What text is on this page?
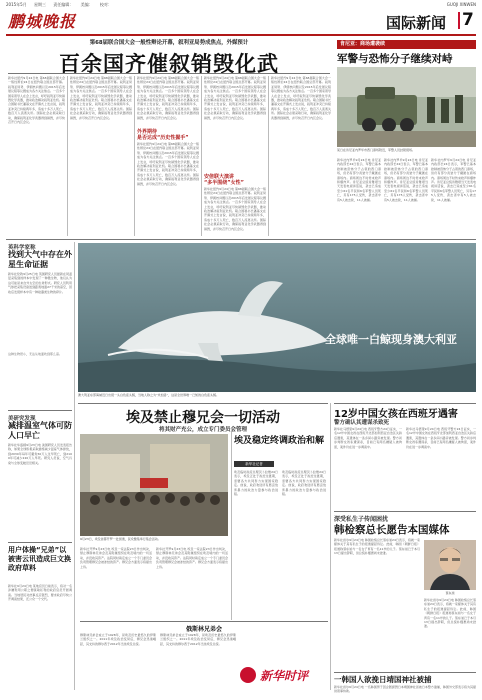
2015年5月 星期三 责任编辑： 美编： 校对：	GUOJI XINWEN
鹏城晚报	国际新闻 7
第68届联合国大会一般性辩论开幕，叙利亚局势成焦点，外媒预计
百余国齐催叙销毁化武
新华社纽约9月24日电 第68届联合国大会一般性辩论24日在纽约联合国总部开幕。叙利亚局势、伊朗核问题以及2015年后发展议程等议题成为各方关注焦点。一百多个国家领导人在会上发言，呼吁叙利亚尽快销毁化学武器，推动政治解决叙利亚危机。联合国秘书长潘基文在开幕式上发言说，叙利亚冲突已持续两年多，造成十多万人死亡，数百万人流离失所。国际社会必须采取行动，确保叙利亚化学武器得到销毁，并尽快召开日内瓦会议。
新华社纽约9月24日电 第68届联合国大会一般性辩论24日在纽约联合国总部开幕。叙利亚局势、伊朗核问题以及2015年后发展议程等议题成为各方关注焦点。一百多个国家领导人在会上发言，呼吁叙利亚尽快销毁化学武器，推动政治解决叙利亚危机。联合国秘书长潘基文在开幕式上发言说，叙利亚冲突已持续两年多，造成十多万人死亡，数百万人流离失所。国际社会必须采取行动，确保叙利亚化学武器得到销毁，并尽快召开日内瓦会议。
新华社纽约9月24日电 第68届联合国大会一般性辩论24日在纽约联合国总部开幕。叙利亚局势、伊朗核问题以及2015年后发展议程等议题成为各方关注焦点。一百多个国家领导人在会上发言，呼吁叙利亚尽快销毁化学武器，推动政治解决叙利亚危机。联合国秘书长潘基文在开幕式上发言说，叙利亚冲突已持续两年多，造成十多万人死亡，数百万人流离失所。国际社会必须采取行动，确保叙利亚化学武器得到销毁，并尽快召开日内瓦会议。
外界期待
是否达成“历史性握手”
新华社纽约9月24日电 第68届联合国大会一般性辩论24日在纽约联合国总部开幕。叙利亚局势、伊朗核问题以及2015年后发展议程等议题成为各方关注焦点。一百多个国家领导人在会上发言，呼吁叙利亚尽快销毁化学武器，推动政治解决叙利亚危机。联合国秘书长潘基文在开幕式上发言说，叙利亚冲突已持续两年多，造成十多万人死亡，数百万人流离失所。国际社会必须采取行动，确保叙利亚化学武器得到销毁，并尽快召开日内瓦会议。
新华社纽约9月24日电 第68届联合国大会一般性辩论24日在纽约联合国总部开幕。叙利亚局势、伊朗核问题以及2015年后发展议程等议题成为各方关注焦点。一百多个国家领导人在会上发言，呼吁叙利亚尽快销毁化学武器，推动政治解决叙利亚危机。联合国秘书长潘基文在开幕式上发言说，叙利亚冲突已持续两年多，造成十多万人死亡，数百万人流离失所。国际社会必须采取行动，确保叙利亚化学武器得到销毁，并尽快召开日内瓦会议。
安倍联大演讲
“多半围绕”女性”
新华社纽约9月24日电 第68届联合国大会一般性辩论24日在纽约联合国总部开幕。叙利亚局势、伊朗核问题以及2015年后发展议程等议题成为各方关注焦点。一百多个国家领导人在会上发言，呼吁叙利亚尽快销毁化学武器，推动政治解决叙利亚危机。联合国秘书长潘基文在开幕式上发言说，叙利亚冲突已持续两年多，造成十多万人死亡，数百万人流离失所。国际社会必须采取行动，确保叙利亚化学武器得到销毁，并尽快召开日内瓦会议。
新华社纽约9月24日电 第68届联合国大会一般性辩论24日在纽约联合国总部开幕。叙利亚局势、伊朗核问题以及2015年后发展议程等议题成为各方关注焦点。一百多个国家领导人在会上发言，呼吁叙利亚尽快销毁化学武器，推动政治解决叙利亚危机。联合国秘书长潘基文在开幕式上发言说，叙利亚冲突已持续两年多，造成十多万人死亡，数百万人流离失所。国际社会必须采取行动，确保叙利亚化学武器得到销毁，并尽快召开日内瓦会议。
肯尼亚：商场遭袭续
军警与恐怖分子继续对峙
某日在肯尼亚内罗毕市西门商场附近，军警人员封锁现场。
新华社内罗毕9月24日电 肯尼亚内政部长24日表示，军警已基本控制被恐怖分子占领的西门商场，但仍有部分武装分子藏匿在商场内。商场周边不时传来枪声和爆炸声。肯尼亚总统肯雅塔当天发表电视讲话说，袭击已造成至少61名平民和6名军警人员死亡，另有175人受伤，袭击者中有5人被击毙，11人被捕。
新华社内罗毕9月24日电 肯尼亚内政部长24日表示，军警已基本控制被恐怖分子占领的西门商场，但仍有部分武装分子藏匿在商场内。商场周边不时传来枪声和爆炸声。肯尼亚总统肯雅塔当天发表电视讲话说，袭击已造成至少61名平民和6名军警人员死亡，另有175人受伤，袭击者中有5人被击毙，11人被捕。
新华社内罗毕9月24日电 肯尼亚内政部长24日表示，军警已基本控制被恐怖分子占领的西门商场，但仍有部分武装分子藏匿在商场内。商场周边不时传来枪声和爆炸声。肯尼亚总统肯雅塔当天发表电视讲话说，袭击已造成至少61名平民和6名军警人员死亡，另有175人受伤，袭击者中有5人被击毙，11人被捕。
英科学家称
找到大气中存在外星生命证据
新华社伦敦9月25日电 英国研究人员最新在同温层采集到的样本中发现了一种微生物，他们认为这可能是来自外太空的生命形式。研究人员利用气球把采集设备送到距离地面27千米的高空，回收后发现样本中有一种硅藻类生物的碎片。
这种生物很小，无法从地面吹到那么高。
美研究发现
减排温室气体可防人口早亡
新华社华盛顿9月23日电 美国研究人员发表报告称，如果全球积极采取措施减少温室气体排放，到2030年每年可避免50万人过早死亡，到2100年可减少220万人早死。研究人员说，空气污染与全球变暖息息相关。
用户体操“兄弟”以被害云讯造成巨文换政府草料
新华社9月24日电 某地官员日前表示，将对一名涉嫌利用公职之便谋取私利的政府官员开展调查。当地居民对此事反应强烈，要求政府尽快公开调查结果，还公众一个交代。
全球唯一白鲸现身澳大利亚
澳大利亚东部海域近日出现一头白色座头鲸，当地人称之为“米加洛”，这是全世界唯一已知的白色座头鲸。
埃及禁止穆兄会一切活动
将其财产充公，成立专门委员会管理
9月23日，埃及首都开罗一处街道，民众聚集举行集会活动。
新华社开罗9月23日电 埃及一家法院23日作出判决，禁止穆斯林兄弟会及其附属组织在埃及境内的一切活动，并没收其资产。法院同时裁定成立一个专门委员会负责管理穆兄会被冻结的资产。穆兄会方面表示将提出上诉。
新华社开罗9月23日电 埃及一家法院23日作出判决，禁止穆斯林兄弟会及其附属组织在埃及境内的一切活动，并没收其资产。法院同时裁定成立一个专门委员会负责管理穆兄会被冻结的资产。穆兄会方面表示将提出上诉。
埃及稳定终调政治和解
新华社记者
埃及临时政府总理贝卜拉维24日表示，埃及正处于政治过渡期，需要各方共同努力实现国家稳定。他说，政府欢迎所有愿意放弃暴力的政治力量参与政治进程。
埃及临时政府总理贝卜拉维24日表示，埃及正处于政治过渡期，需要各方共同努力实现国家稳定。他说，政府欢迎所有愿意放弃暴力的政治力量参与政治进程。
12岁中国女孩在西班牙遇害
警方确认其遭谋杀致死
新华社马德里9月24日电 西班牙警方24日证实，一名12岁中国女孩在西班牙北部加利西亚自治区失踪后遇害，其遗体在一条乡间小路旁被发现。警方初步判断女孩系遭谋杀，目前已有两名嫌疑人被拘留，案件仍在进一步调查中。
新华社马德里9月24日电 西班牙警方24日证实，一名12岁中国女孩在西班牙北部加利西亚自治区失踪后遇害，其遗体在一条乡间小路旁被发现。警方初步判断女孩系遭谋杀，目前已有两名嫌疑人被拘留，案件仍在进一步调查中。
深受私生子传闻困扰
韩检察总长愿告本国媒体
新华社首尔9月24日电 韩国检察总长蔡东旭24日表示，将就一家媒体关于其有私生子的报道提起诉讼。此前，韩国《朝鲜日报》报道称蔡东旭与一名女子育有一名11岁的儿子。蔡东旭已于本月13日提出辞职，但总统朴槿惠尚未批准。
蔡东旭
新华社首尔9月24日电 韩国检察总长蔡东旭24日表示，将就一家媒体关于其有私生子的报道提起诉讼。此前，韩国《朝鲜日报》报道称蔡东旭与一名女子育有一名11岁的儿子。蔡东旭已于本月13日提出辞职，但总统朴槿惠尚未批准。
一韩国人欲挽日靖国神社被捕
新华社首尔9月24日电 一名韩国男子因企图损毁日本靖国神社而被日本警方逮捕，韩国外交部表示将为其提供领事协助。
俄斯林兄弟会
穆斯林兄弟会成立于1928年，是埃及历史最悠久的伊斯兰组织之一。2011年埃及政治变局后，穆兄会迅速崛起，其支持的穆尔西于2012年当选埃及总统。
穆斯林兄弟会成立于1928年，是埃及历史最悠久的伊斯兰组织之一。2011年埃及政治变局后，穆兄会迅速崛起，其支持的穆尔西于2012年当选埃及总统。
新华时评
